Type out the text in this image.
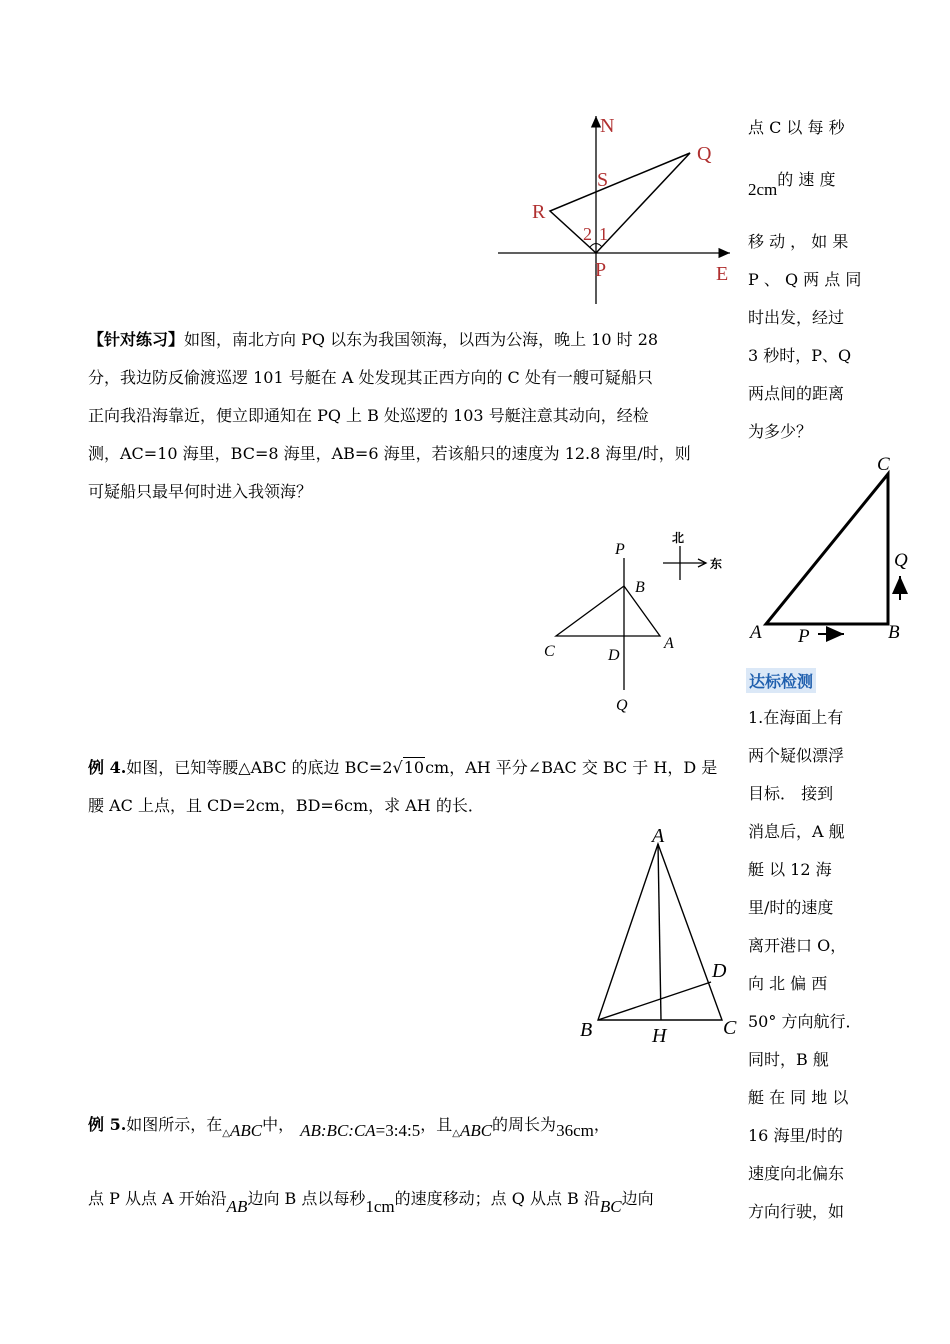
N
Q
S
R
2 1
P	E
点 C 以 每 秒
2cm的 速 度
移 动 ， 如 果
P 、 Q 两 点 同
时出发，经过
3 秒时，P、Q
两点间的距离
为多少？
C
Q
A P	B
达标检测
1.在海面上有
两个疑似漂浮
目标． 接到
消息后，A 舰
艇 以 12 海
里/时的速度
离开港口 O，
向 北 偏 西
50° 方向航行．
同时，B 舰
艇 在 同 地 以
16 海里/时的
速度向北偏东
方向行驶，如
【针对练习】如图，南北方向 PQ 以东为我国领海，以西为公海，晚上 10 时 28
分，我边防反偷渡巡逻 101 号艇在 A 处发现其正西方向的 C 处有一艘可疑船只
正向我沿海靠近，便立即通知在 PQ 上 B 处巡逻的 103 号艇注意其动向，经检
测，AC=10 海里，BC=8 海里，AB=6 海里，若该船只的速度为 12.8 海里/时，则
可疑船只最早何时进入我领海？
P
B
C	D
A
Q
北
东
例 4.如图，已知等腰△ABC 的底边 BC=2√10cm，AH 平分∠BAC 交 BC 于 H，D 是
腰 AC 上点，且 CD=2cm，BD=6cm，求 AH 的长．
A
D
B	H	C
例 5.如图所示，在$_\triangle$ABC中， AB:BC:CA=3:4:5，且$_\triangle$ABC的周长为36cm，
点 P 从点 A 开始沿AB边向 B 点以每秒1cm的速度移动；点 Q 从点 B 沿BC边向
